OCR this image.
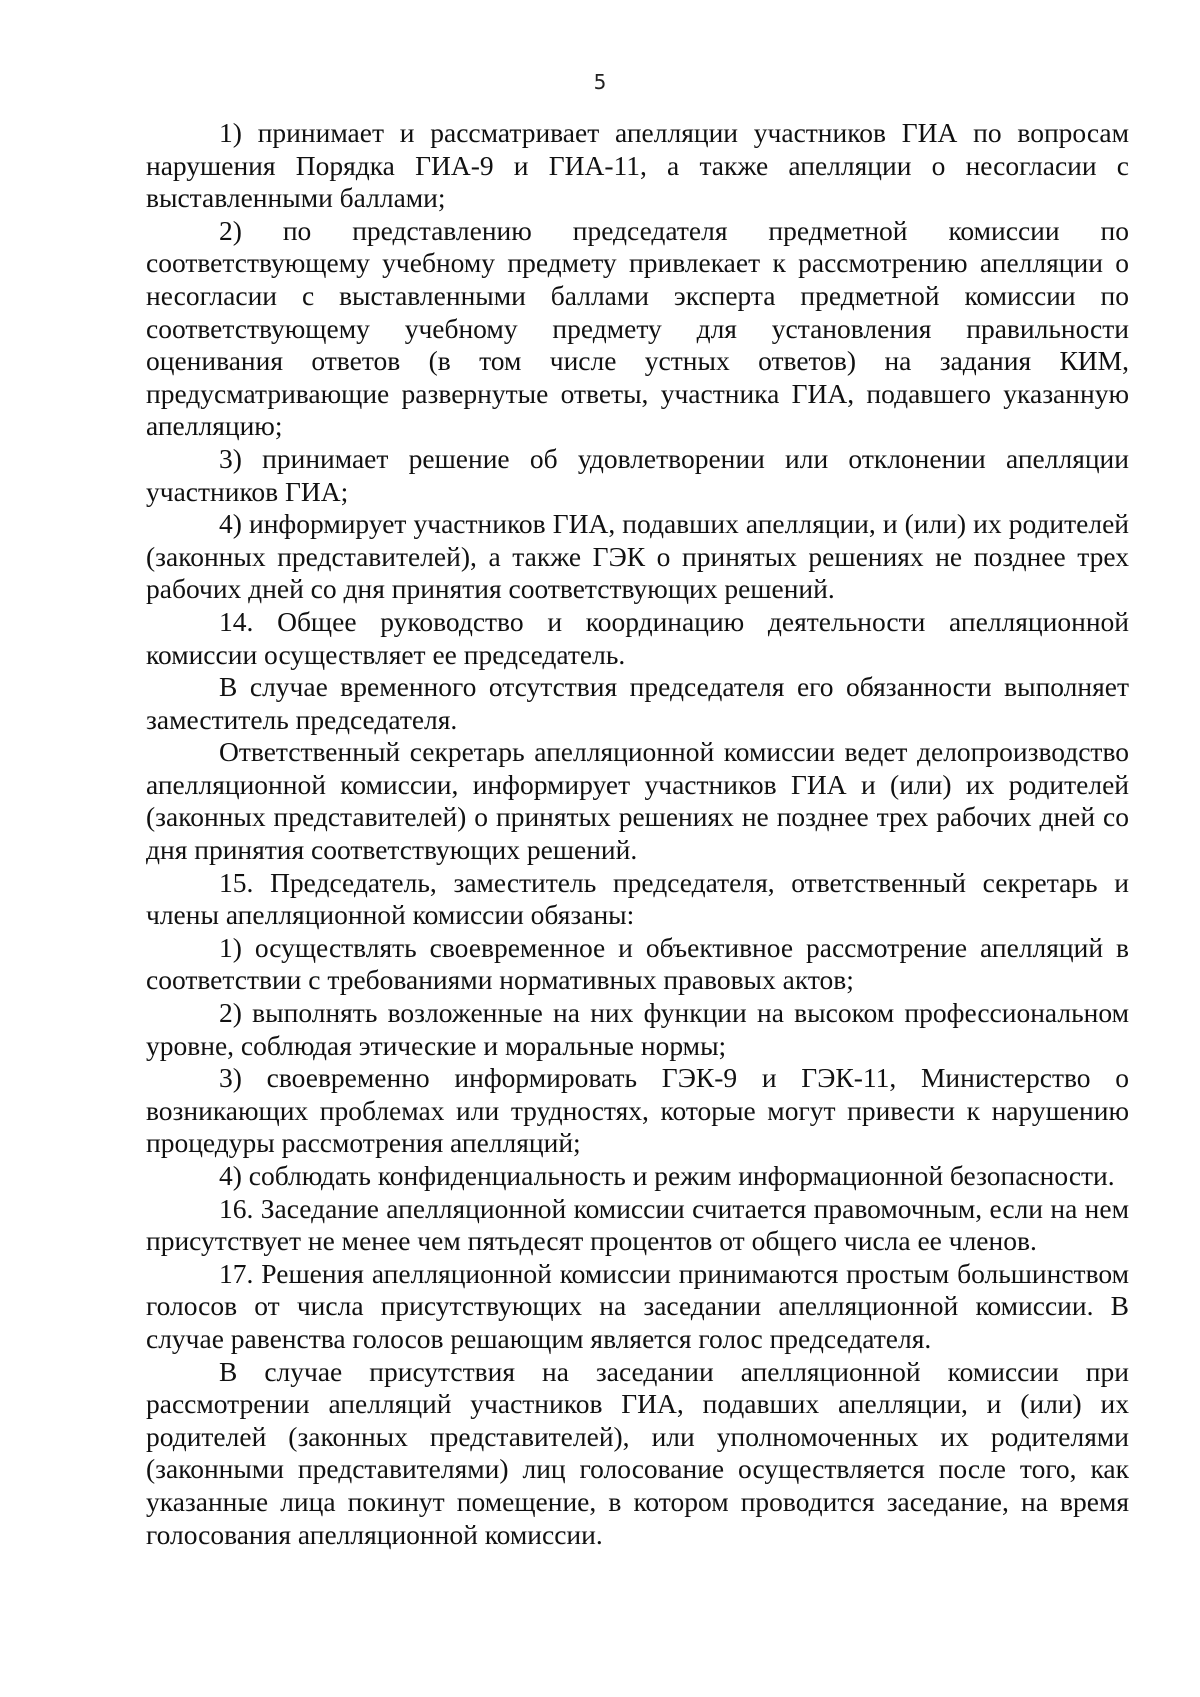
5

1) принимает и рассматривает апелляции участников ГИА по вопросам нарушения Порядка ГИА-9 и ГИА-11, а также апелляции о несогласии с выставленными баллами;

2) по представлению председателя предметной комиссии по соответствующему учебному предмету привлекает к рассмотрению апелляции о несогласии с выставленными баллами эксперта предметной комиссии по соответствующему учебному предмету для установления правильности оценивания ответов (в том числе устных ответов) на задания КИМ, предусматривающие развернутые ответы, участника ГИА, подавшего указанную апелляцию;

3) принимает решение об удовлетворении или отклонении апелляции участников ГИА;

4) информирует участников ГИА, подавших апелляции, и (или) их родителей (законных представителей), а также ГЭК о принятых решениях не позднее трех рабочих дней со дня принятия соответствующих решений.

14. Общее руководство и координацию деятельности апелляционной комиссии осуществляет ее председатель.

В случае временного отсутствия председателя его обязанности выполняет заместитель председателя.

Ответственный секретарь апелляционной комиссии ведет делопроизводство апелляционной комиссии, информирует участников ГИА и (или) их родителей (законных представителей) о принятых решениях не позднее трех рабочих дней со дня принятия соответствующих решений.

15. Председатель, заместитель председателя, ответственный секретарь и члены апелляционной комиссии обязаны:

1) осуществлять своевременное и объективное рассмотрение апелляций в соответствии с требованиями нормативных правовых актов;

2) выполнять возложенные на них функции на высоком профессиональном уровне, соблюдая этические и моральные нормы;

3) своевременно информировать ГЭК-9 и ГЭК-11, Министерство о возникающих проблемах или трудностях, которые могут привести к нарушению процедуры рассмотрения апелляций;

4) соблюдать конфиденциальность и режим информационной безопасности.

16. Заседание апелляционной комиссии считается правомочным, если на нем присутствует не менее чем пятьдесят процентов от общего числа ее членов.

17. Решения апелляционной комиссии принимаются простым большинством голосов от числа присутствующих на заседании апелляционной комиссии. В случае равенства голосов решающим является голос председателя.

В случае присутствия на заседании апелляционной комиссии при рассмотрении апелляций участников ГИА, подавших апелляции, и (или) их родителей (законных представителей), или уполномоченных их родителями (законными представителями) лиц голосование осуществляется после того, как указанные лица покинут помещение, в котором проводится заседание, на время голосования апелляционной комиссии.
